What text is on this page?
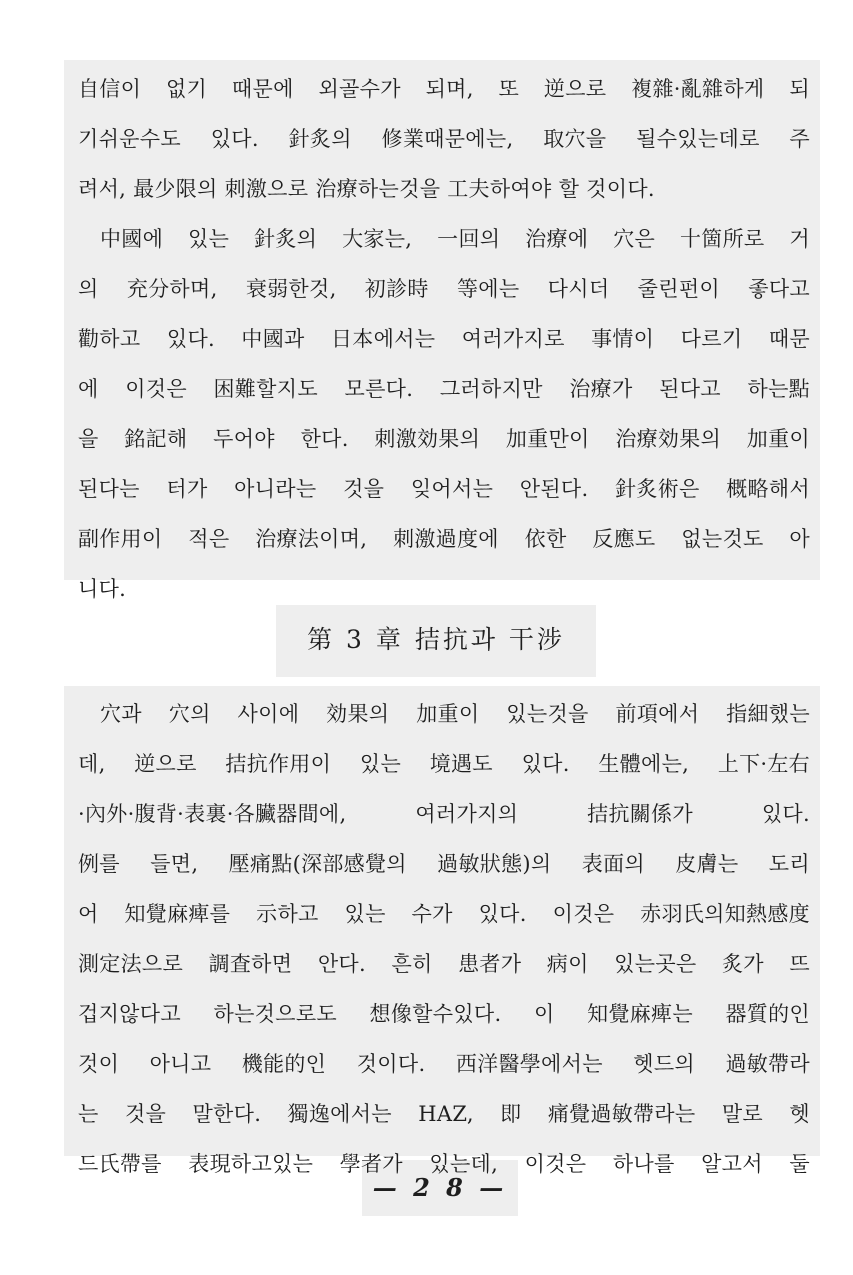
自信이 없기 때문에 외골수가 되며, 또 逆으로 複雜·亂雜하게 되
기쉬운수도 있다. 針炙의 修業때문에는, 取穴을 될수있는데로 주
려서, 最少限의 刺激으로 治療하는것을 工夫하여야 할 것이다.
中國에 있는 針炙의 大家는, 一回의 治療에 穴은 十箇所로 거
의 充分하며, 衰弱한것, 初診時 等에는 다시더 줄린펀이 좋다고
勸하고 있다. 中國과 日本에서는 여러가지로 事情이 다르기 때문
에 이것은 困難할지도 모른다. 그러하지만 治療가 된다고 하는點
을 銘記해 두어야 한다. 刺激効果의 加重만이 治療効果의 加重이
된다는 터가 아니라는 것을 잊어서는 안된다. 針炙術은 概略해서
副作用이 적은 治療法이며, 刺激過度에 依한 反應도 없는것도 아
니다.
第 3 章 拮抗과 干涉
穴과 穴의 사이에 効果의 加重이 있는것을 前項에서 指細했는
데, 逆으로 拮抗作用이 있는 境遇도 있다. 生體에는, 上下·左右
·內外·腹背·表裏·各臟器間에,	여러가지의	拮抗關係가	있다.
例를 들면, 壓痛點(深部感覺의 過敏狀態)의 表面의 皮膚는 도리
어 知覺麻痺를 示하고 있는 수가 있다. 이것은 赤羽氏의知熱感度
測定法으로 調査하면 안다. 흔히 患者가 病이 있는곳은 炙가 뜨
겁지않다고 하는것으로도 想像할수있다. 이 知覺麻痺는 器質的인
것이 아니고 機能的인 것이다. 西洋醫學에서는 헷드의 過敏帶라
는 것을 말한다. 獨逸에서는 HAZ, 即 痛覺過敏帶라는 말로 헷
드氏帶를 表現하고있는 學者가 있는데, 이것은 하나를 알고서 둘
— 2 8 —
